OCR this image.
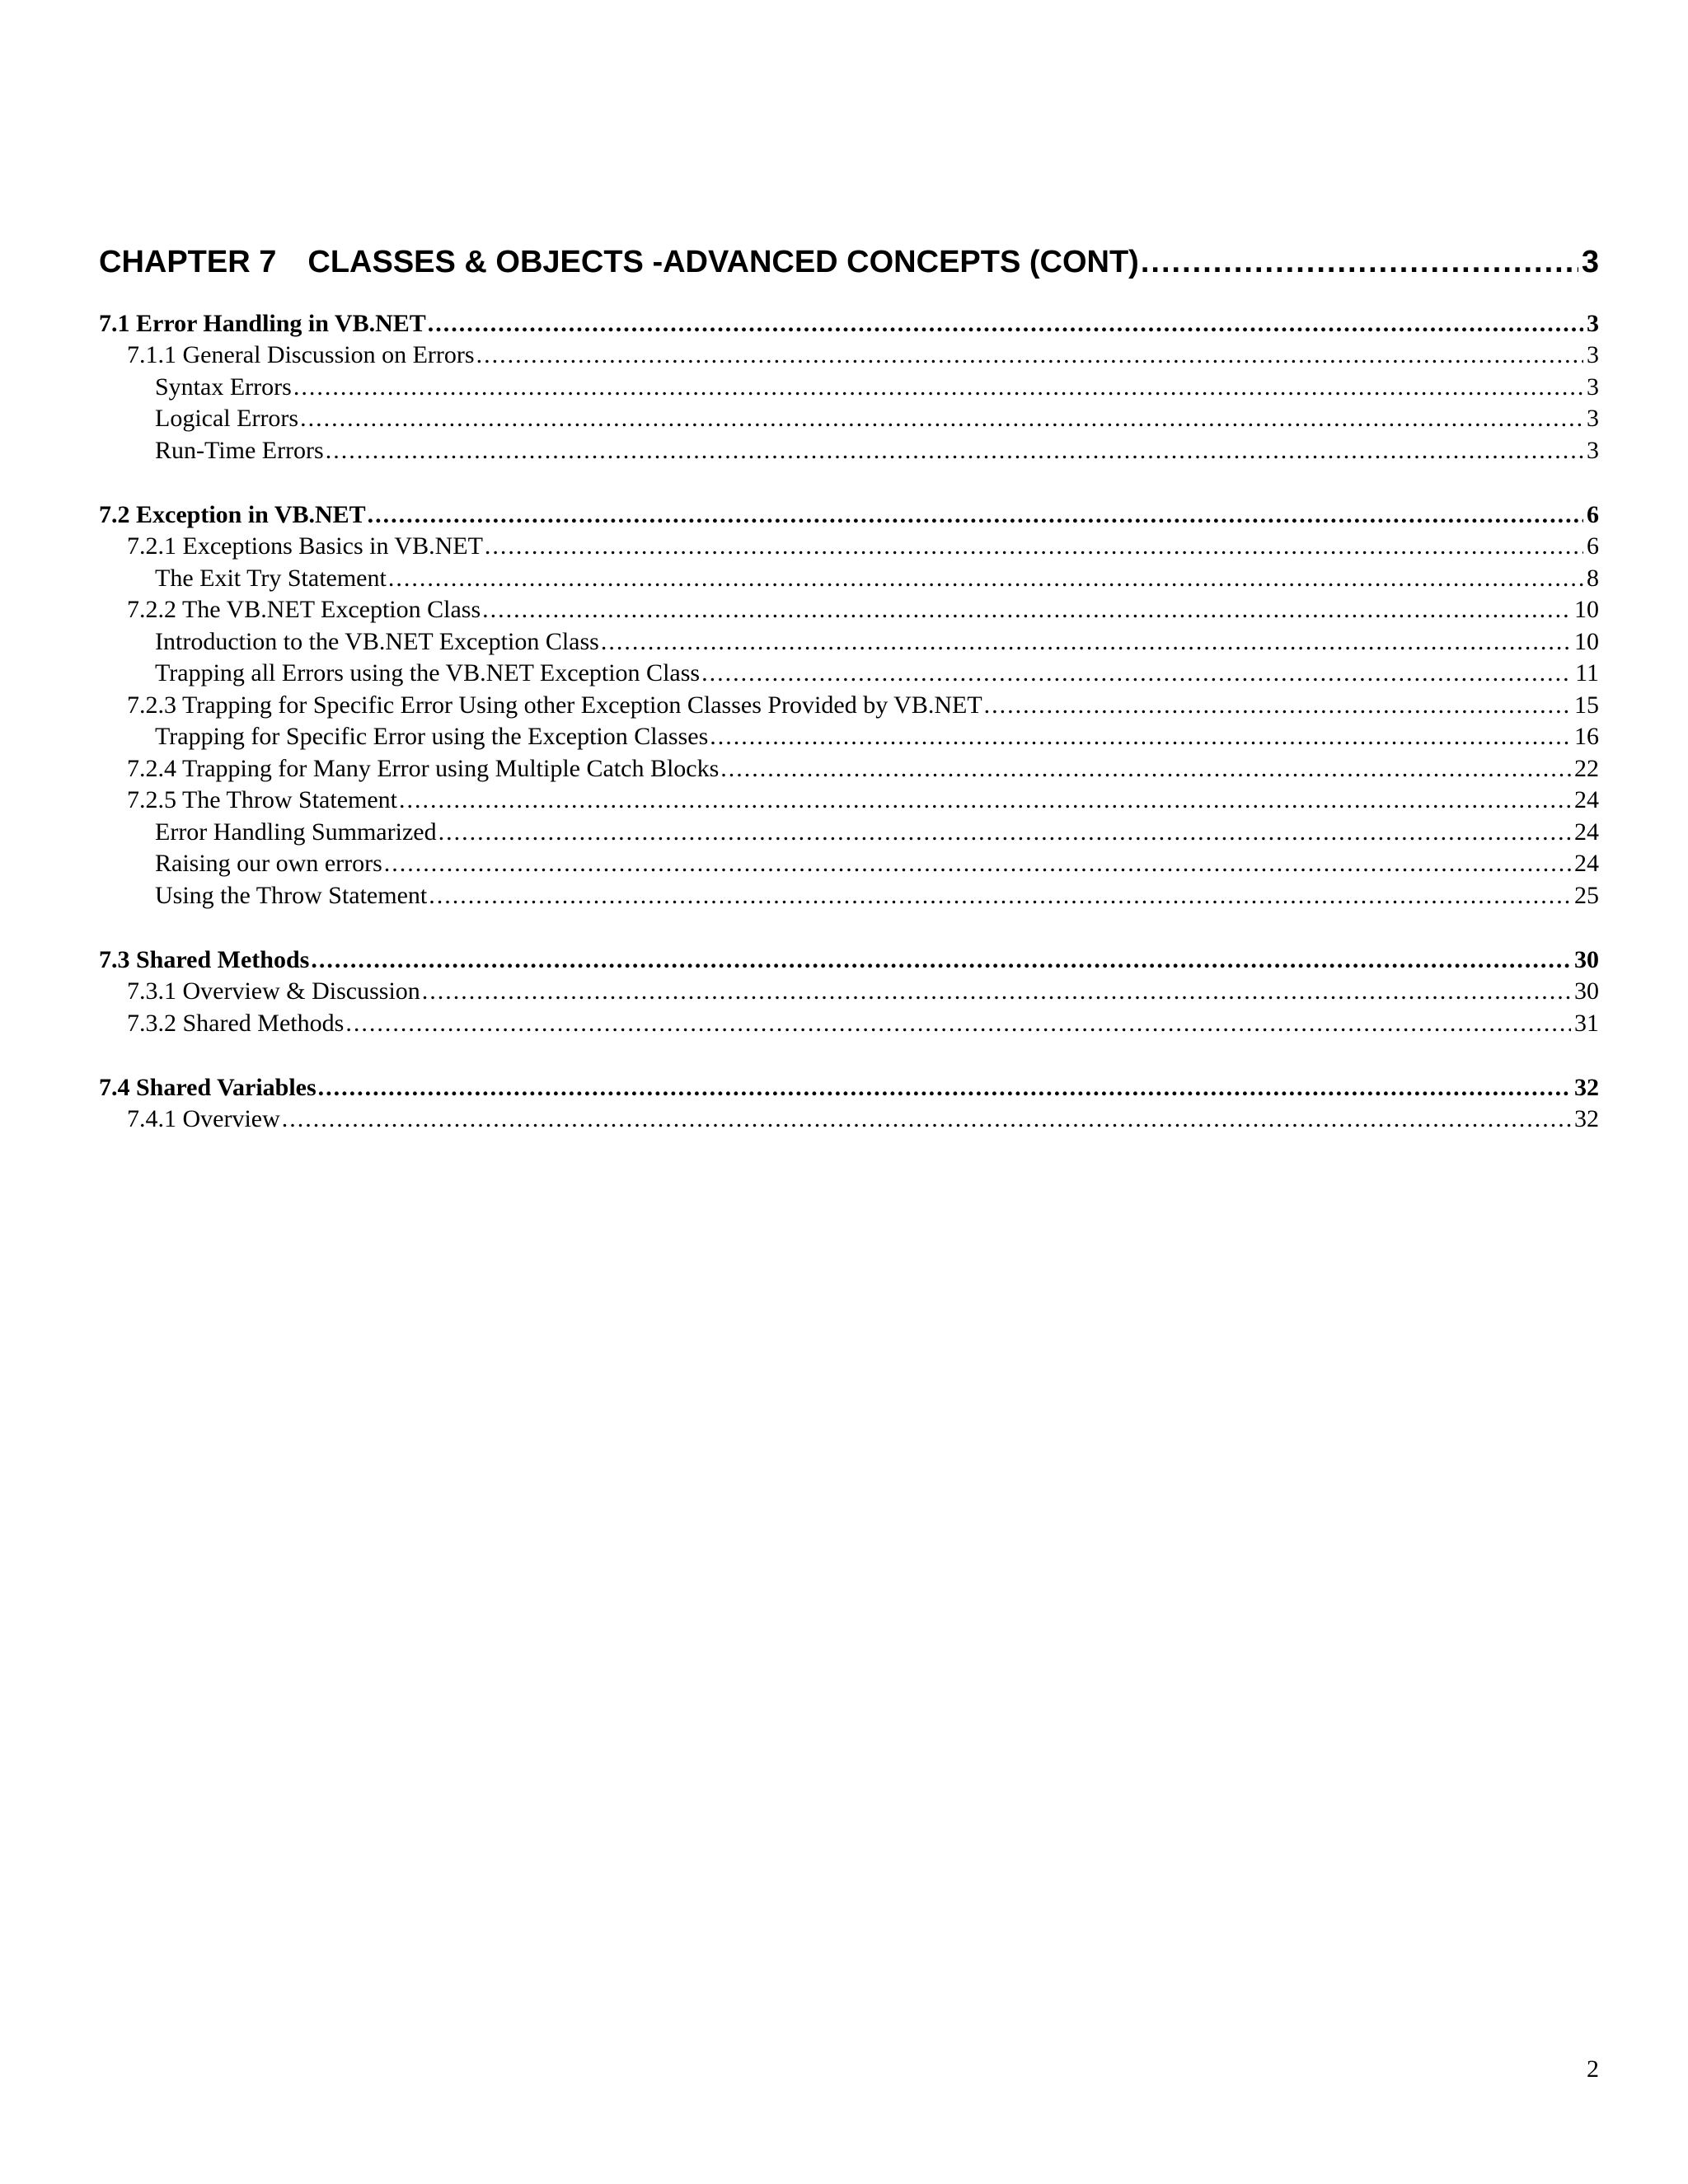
CHAPTER 7 CLASSES & OBJECTS -ADVANCED CONCEPTS (CONT) .....	3
7.1 Error Handling in VB.NET .....	3
7.1.1 General Discussion on Errors .....	3
Syntax Errors .....	3
Logical Errors .....	3
Run-Time Errors .....	3
7.2 Exception in VB.NET .....	6
7.2.1 Exceptions Basics in VB.NET .....	6
The Exit Try Statement .....	8
7.2.2 The VB.NET Exception Class .....	10
Introduction to the VB.NET Exception Class .....	10
Trapping all Errors using the VB.NET Exception Class .....	11
7.2.3 Trapping for Specific Error Using other Exception Classes Provided by VB.NET .....	15
Trapping for Specific Error using the Exception Classes .....	16
7.2.4 Trapping for Many Error using Multiple Catch Blocks .....	22
7.2.5 The Throw Statement .....	24
Error Handling Summarized .....	24
Raising our own errors .....	24
Using the Throw Statement .....	25
7.3 Shared Methods .....	30
7.3.1 Overview & Discussion .....	30
7.3.2 Shared Methods .....	31
7.4 Shared Variables .....	32
7.4.1 Overview .....	32
2
